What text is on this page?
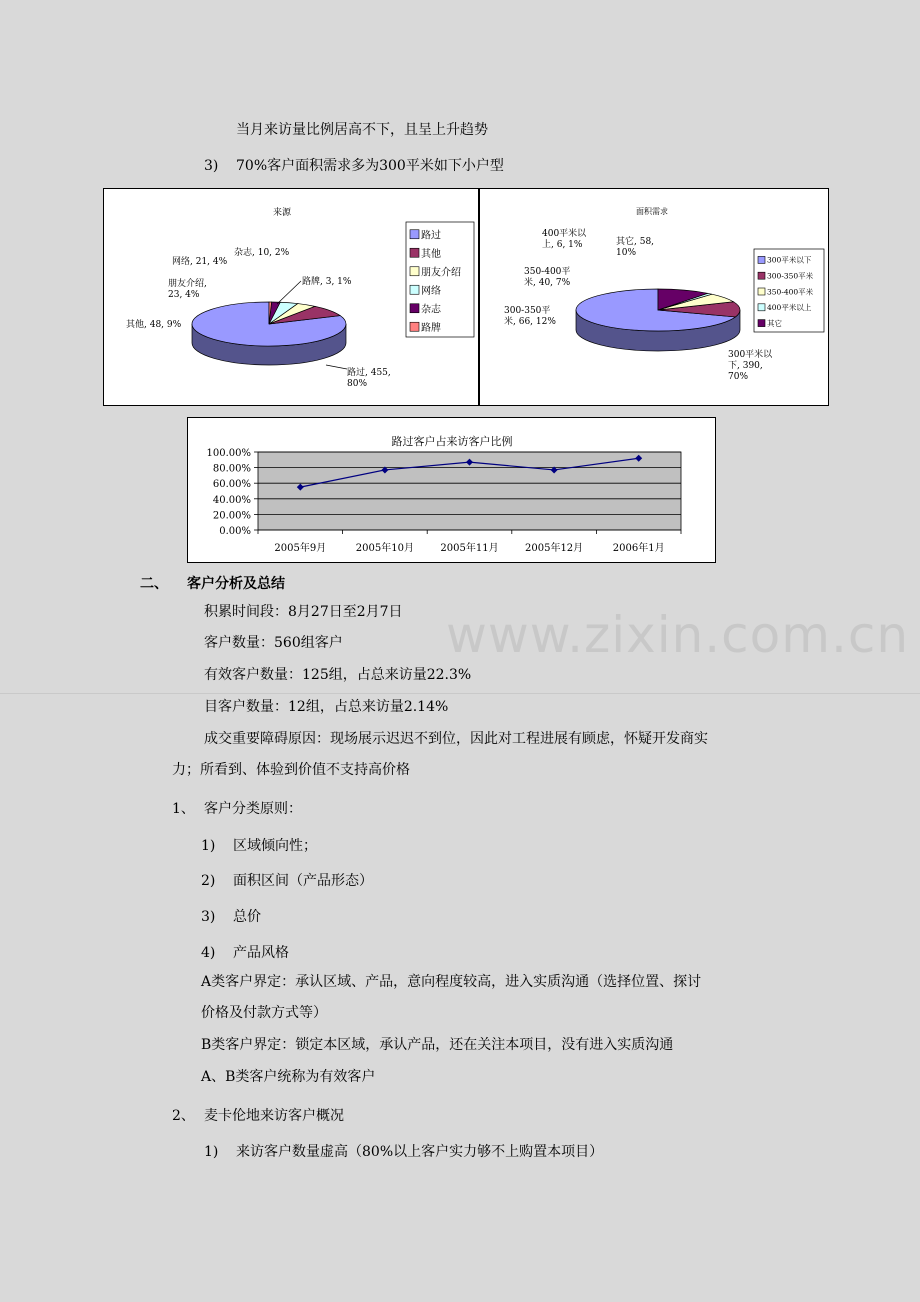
www.zixin.com.cn
当月来访量比例居高不下，且呈上升趋势
3) 70%客户面积需求多为300平米如下小户型
来源
路过, 455, 80%
其他, 48, 9%
朋友介绍, 23, 4%
网络, 21, 4%
杂志, 10, 2%
路牌, 3, 1%
路过
其他
朋友介绍
网络
杂志
路牌
面积需求
300平米以下, 390, 70%
300-350平米, 66, 12%
350-400平米, 40, 7%
400平米以上, 6, 1%	其它, 58, 10%
300平米以下
300-350平米
350-400平米
400平米以上
其它
路过客户占来访客户比例
0.00%
20.00%
40.00%
60.00%
80.00%
100.00%
2005年9月	2005年10月	2005年11月	2005年12月	2006年1月
二、 客户分析及总结
积累时间段：8月27日至2月7日
客户数量：560组客户
有效客户数量：125组，占总来访量22.3%
目客户数量：12组，占总来访量2.14%
成交重要障碍原因：现场展示迟迟不到位，因此对工程进展有顾虑，怀疑开发商实
力；所看到、体验到价值不支持高价格
1、 客户分类原则：
1) 区域倾向性；
2) 面积区间（产品形态）
3) 总价
4) 产品风格
A类客户界定：承认区域、产品，意向程度较高，进入实质沟通（选择位置、探讨
价格及付款方式等）
B类客户界定：锁定本区域，承认产品，还在关注本项目，没有进入实质沟通
A、B类客户统称为有效客户
2、 麦卡伦地来访客户概况
1) 来访客户数量虚高（80%以上客户实力够不上购置本项目）
